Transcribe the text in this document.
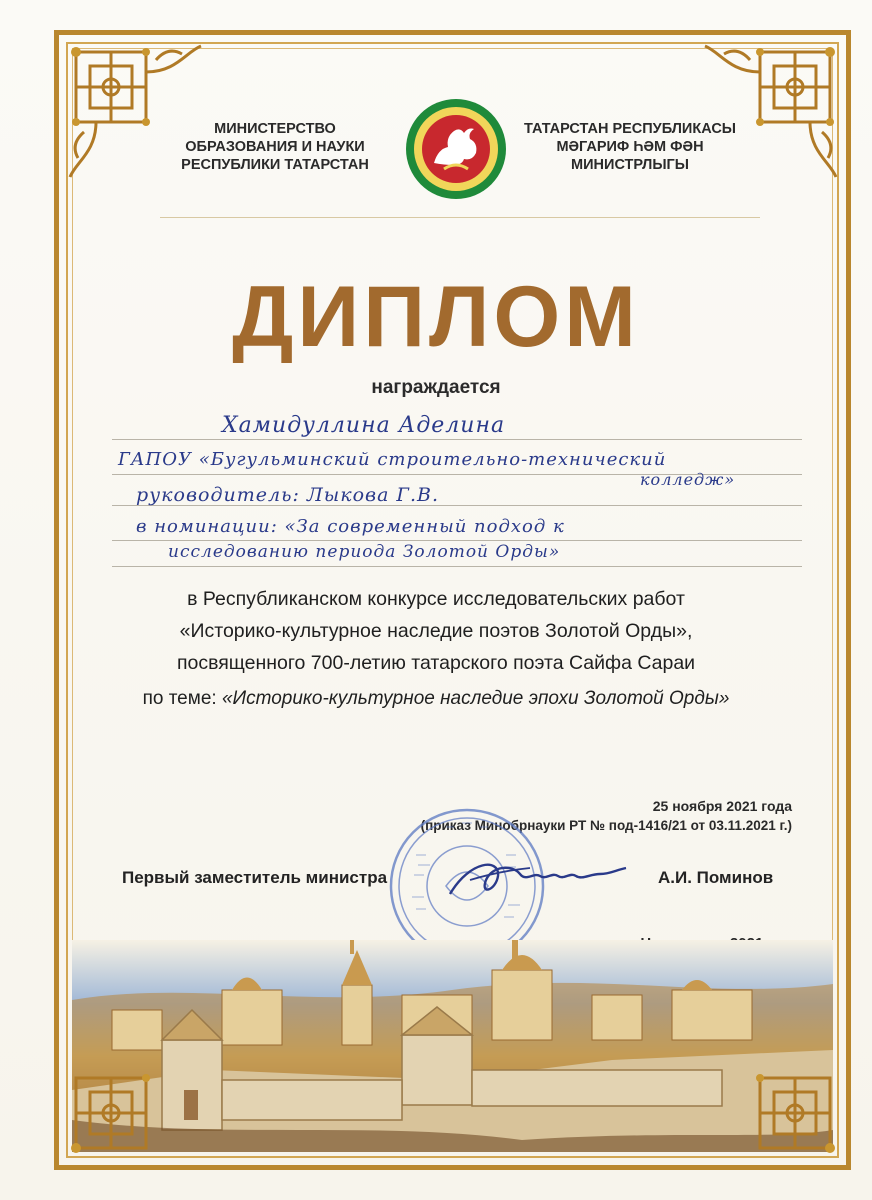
МИНИСТЕРСТВО
ОБРАЗОВАНИЯ И НАУКИ
РЕСПУБЛИКИ ТАТАРСТАН
ТАТАРСТАН РЕСПУБЛИКАСЫ
МӘГАРИФ ҺӘМ ФӘН
МИНИСТРЛЫГЫ
ДИПЛОМ
награждается
Хамидуллина Аделина
ГАПОУ «Бугульминский строительно-технический
колледж»
руководитель: Лыкова Г.В.
в номинации: «За современный подход к
исследованию периода Золотой Орды»
в Республиканском конкурсе исследовательских работ
«Историко-культурное наследие поэтов Золотой Орды»,
посвященного 700-летию татарского поэта Сайфа Сараи
по теме: «Историко-культурное наследие эпохи Золотой Орды»
25 ноября 2021 года
(приказ Минобрнауки РТ № под-1416/21 от 03.11.2021 г.)
Первый заместитель министра	А.И. Поминов
